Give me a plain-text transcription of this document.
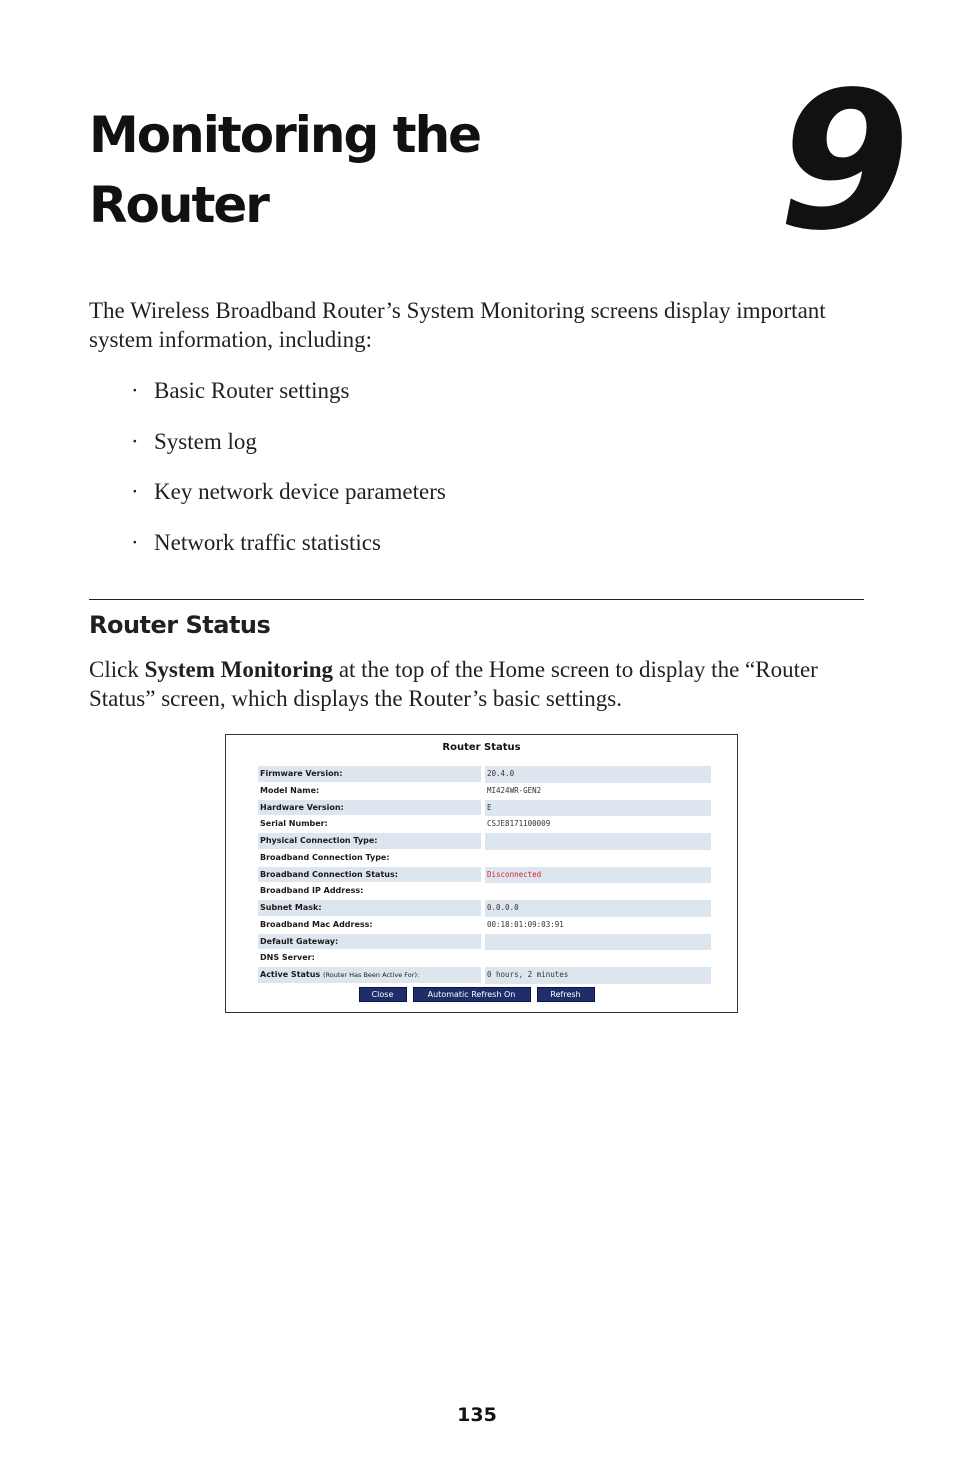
Monitoring the
Router	9

The Wireless Broadband Router’s System Monitoring screens display important system information, including:

· Basic Router settings
· System log
· Key network device parameters
· Network traffic statistics
Router Status

Click System Monitoring at the top of the Home screen to display the “Router Status” screen, which displays the Router’s basic settings.

Router Status
Firmware Version:	20.4.0
Model Name:	MI424WR-GEN2
Hardware Version:	E
Serial Number:	CSJE8171100009
Physical Connection Type:
Broadband Connection Type:
Broadband Connection Status:	Disconnected
Broadband IP Address:
Subnet Mask:	0.0.0.0
Broadband Mac Address:	00:18:01:09:03:91
Default Gateway:
DNS Server:
Active Status (Router Has Been Active For):	0 hours, 2 minutes
Close	Automatic Refresh On	Refresh
135
